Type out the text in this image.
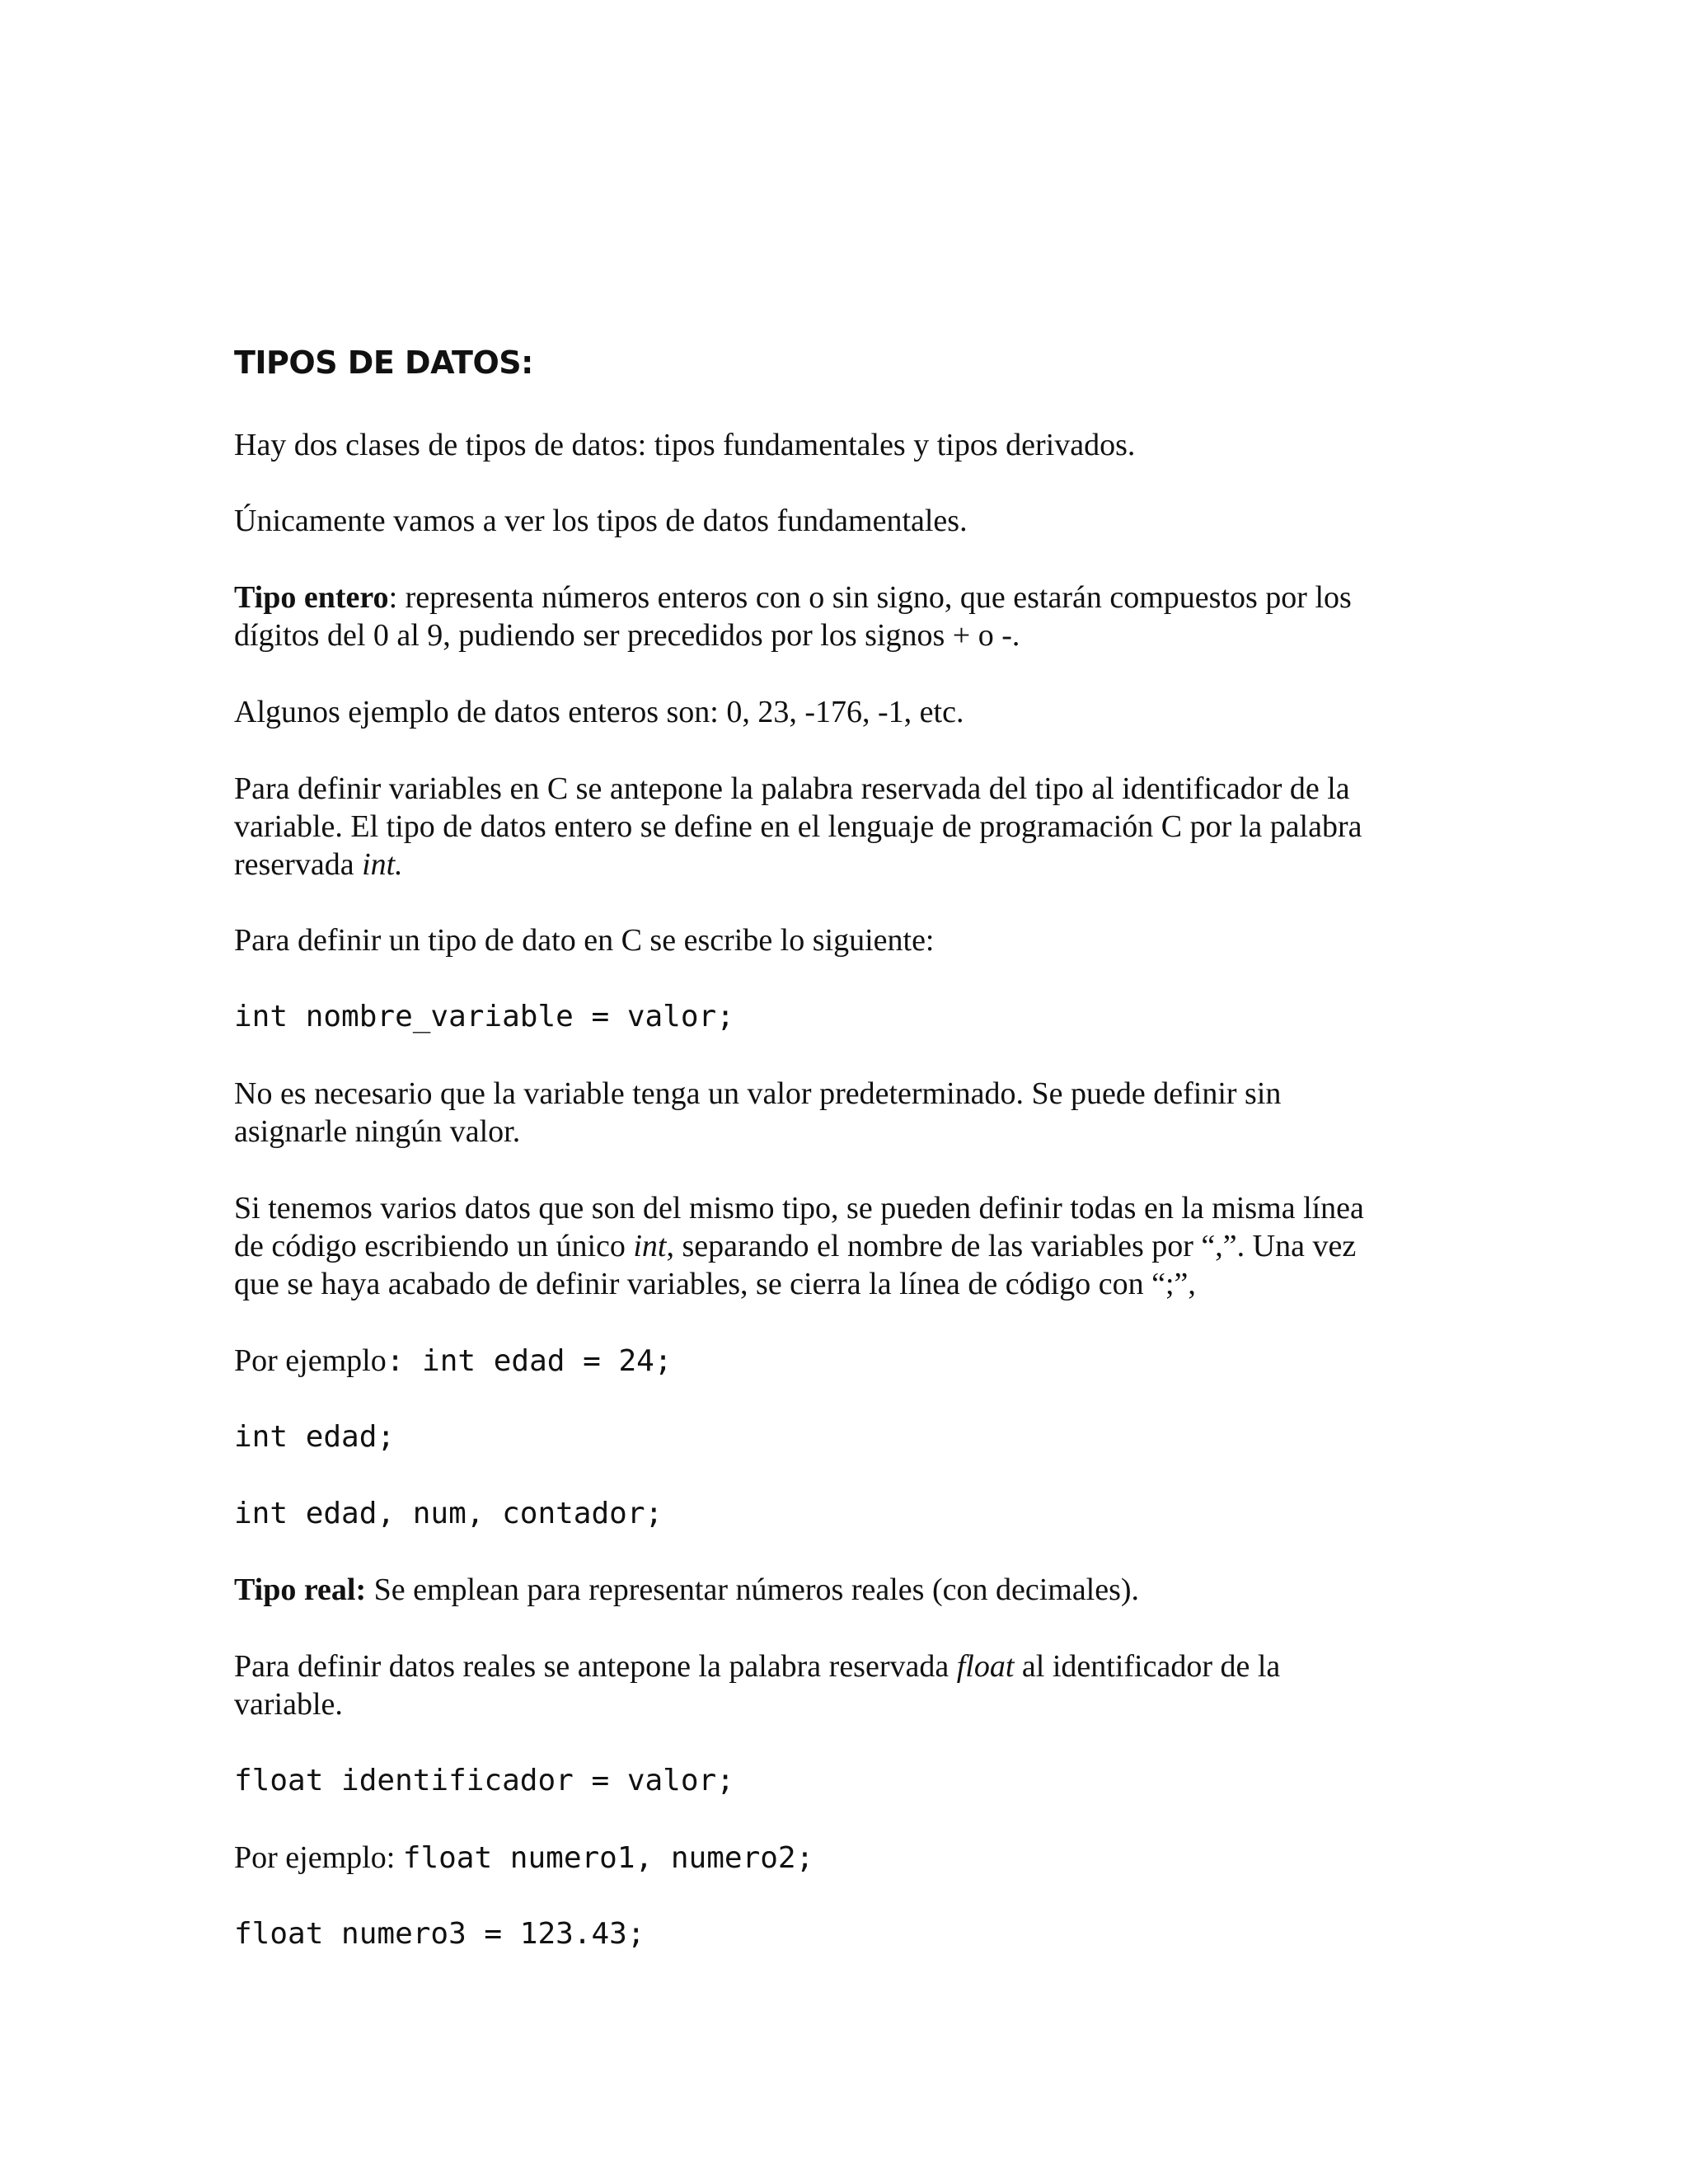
TIPOS DE DATOS:
Hay dos clases de tipos de datos: tipos fundamentales y tipos derivados.
Únicamente vamos a ver los tipos de datos fundamentales.
Tipo entero: representa números enteros con o sin signo, que estarán compuestos por los
dígitos del 0 al 9, pudiendo ser precedidos por los signos + o -.
Algunos ejemplo de datos enteros son: 0, 23, -176, -1, etc.
Para definir variables en C se antepone la palabra reservada del tipo al identificador de la
variable. El tipo de datos entero se define en el lenguaje de programación C por la palabra
reservada int.
Para definir un tipo de dato en C se escribe lo siguiente:
int nombre_variable = valor;
No es necesario que la variable tenga un valor predeterminado. Se puede definir sin
asignarle ningún valor.
Si tenemos varios datos que son del mismo tipo, se pueden definir todas en la misma línea
de código escribiendo un único int, separando el nombre de las variables por “,”. Una vez
que se haya acabado de definir variables, se cierra la línea de código con “;”,
Por ejemplo: int edad = 24;
int edad;
int edad, num, contador;
Tipo real: Se emplean para representar números reales (con decimales).
Para definir datos reales se antepone la palabra reservada float al identificador de la
variable.
float identificador = valor;
Por ejemplo: float numero1, numero2;
float numero3 = 123.43;
